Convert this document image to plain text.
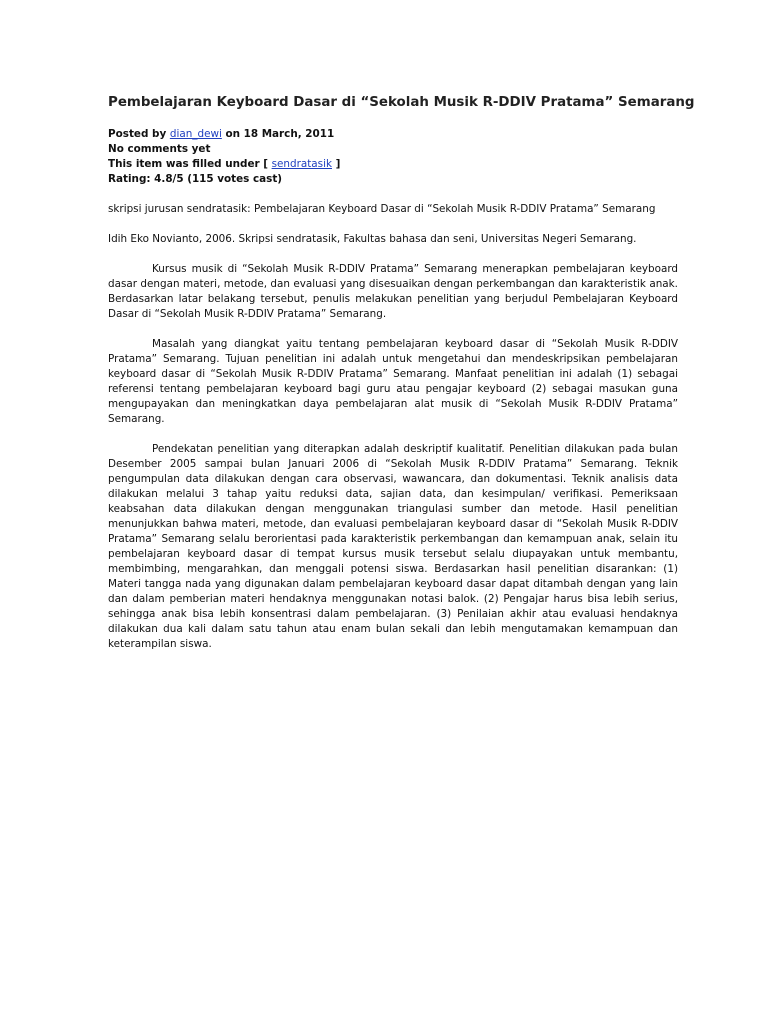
Pembelajaran Keyboard Dasar di “Sekolah Musik R-DDIV Pratama” Semarang
Posted by dian_dewi on 18 March, 2011
No comments yet
This item was filled under [ sendratasik ]
Rating: 4.8/5 (115 votes cast)

skripsi jurusan sendratasik: Pembelajaran Keyboard Dasar di “Sekolah Musik R-DDIV Pratama” Semarang

Idih Eko Novianto, 2006. Skripsi sendratasik, Fakultas bahasa dan seni, Universitas Negeri Semarang.

Kursus musik di “Sekolah Musik R-DDIV Pratama” Semarang menerapkan pembelajaran keyboard dasar dengan materi, metode, dan evaluasi yang disesuaikan dengan perkembangan dan karakteristik anak. Berdasarkan latar belakang tersebut, penulis melakukan penelitian yang berjudul Pembelajaran Keyboard Dasar di “Sekolah Musik R-DDIV Pratama” Semarang.

Masalah yang diangkat yaitu tentang pembelajaran keyboard dasar di “Sekolah Musik R-DDIV Pratama” Semarang. Tujuan penelitian ini adalah untuk mengetahui dan mendeskripsikan pembelajaran keyboard dasar di “Sekolah Musik R-DDIV Pratama” Semarang. Manfaat penelitian ini adalah (1) sebagai referensi tentang pembelajaran keyboard bagi guru atau pengajar keyboard (2) sebagai masukan guna mengupayakan dan meningkatkan daya pembelajaran alat musik di “Sekolah Musik R-DDIV Pratama” Semarang.

Pendekatan penelitian yang diterapkan adalah deskriptif kualitatif. Penelitian dilakukan pada bulan Desember 2005 sampai bulan Januari 2006 di “Sekolah Musik R-DDIV Pratama” Semarang. Teknik pengumpulan data dilakukan dengan cara observasi, wawancara, dan dokumentasi. Teknik analisis data dilakukan melalui 3 tahap yaitu reduksi data, sajian data, dan kesimpulan/ verifikasi. Pemeriksaan keabsahan data dilakukan dengan menggunakan triangulasi sumber dan metode. Hasil penelitian menunjukkan bahwa materi, metode, dan evaluasi pembelajaran keyboard dasar di “Sekolah Musik R-DDIV Pratama” Semarang selalu berorientasi pada karakteristik perkembangan dan kemampuan anak, selain itu pembelajaran keyboard dasar di tempat kursus musik tersebut selalu diupayakan untuk membantu, membimbing, mengarahkan, dan menggali potensi siswa. Berdasarkan hasil penelitian disarankan: (1) Materi tangga nada yang digunakan dalam pembelajaran keyboard dasar dapat ditambah dengan yang lain dan dalam pemberian materi hendaknya menggunakan notasi balok. (2) Pengajar harus bisa lebih serius, sehingga anak bisa lebih konsentrasi dalam pembelajaran. (3) Penilaian akhir atau evaluasi hendaknya dilakukan dua kali dalam satu tahun atau enam bulan sekali dan lebih mengutamakan kemampuan dan keterampilan siswa.
